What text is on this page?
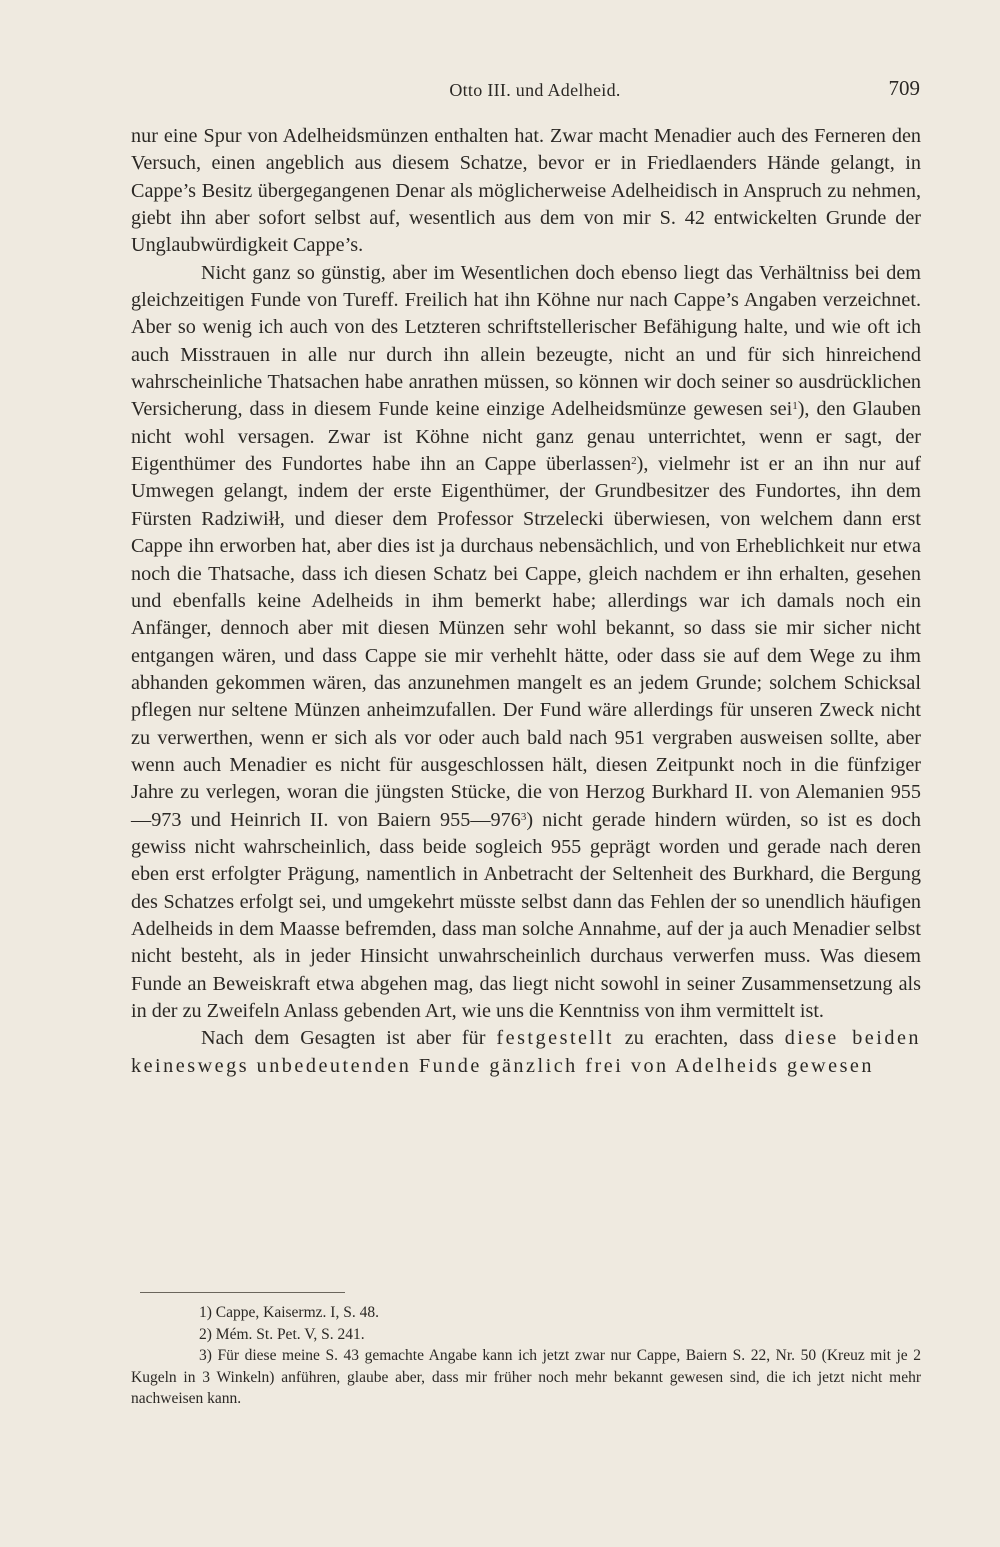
Otto III. und Adelheid.	709

nur eine Spur von Adelheidsmünzen enthalten hat. Zwar macht Menadier auch des Ferneren den Versuch, einen angeblich aus diesem Schatze, bevor er in Friedlaenders Hände gelangt, in Cappe’s Besitz übergegangenen Denar als möglicherweise Adelheidisch in Anspruch zu nehmen, giebt ihn aber sofort selbst auf, wesentlich aus dem von mir S. 42 entwickelten Grunde der Unglaubwürdigkeit Cappe’s.

Nicht ganz so günstig, aber im Wesentlichen doch ebenso liegt das Verhältniss bei dem gleichzeitigen Funde von Tureff. Freilich hat ihn Köhne nur nach Cappe’s Angaben verzeichnet. Aber so wenig ich auch von des Letzteren schriftstellerischer Befähigung halte, und wie oft ich auch Misstrauen in alle nur durch ihn allein bezeugte, nicht an und für sich hinreichend wahrscheinliche Thatsachen habe anrathen müssen, so können wir doch seiner so ausdrücklichen Versicherung, dass in diesem Funde keine einzige Adelheidsmünze gewesen sei$^1$), den Glauben nicht wohl versagen. Zwar ist Köhne nicht ganz genau unterrichtet, wenn er sagt, der Eigenthümer des Fundortes habe ihn an Cappe überlassen$^2$), vielmehr ist er an ihn nur auf Umwegen gelangt, indem der erste Eigenthümer, der Grundbesitzer des Fundortes, ihn dem Fürsten Radziwiłł, und dieser dem Professor Strzelecki überwiesen, von welchem dann erst Cappe ihn erworben hat, aber dies ist ja durchaus nebensächlich, und von Erheblichkeit nur etwa noch die Thatsache, dass ich diesen Schatz bei Cappe, gleich nachdem er ihn erhalten, gesehen und ebenfalls keine Adelheids in ihm bemerkt habe; allerdings war ich damals noch ein Anfänger, dennoch aber mit diesen Münzen sehr wohl bekannt, so dass sie mir sicher nicht entgangen wären, und dass Cappe sie mir verhehlt hätte, oder dass sie auf dem Wege zu ihm abhanden gekommen wären, das anzunehmen mangelt es an jedem Grunde; solchem Schicksal pflegen nur seltene Münzen anheimzufallen. Der Fund wäre allerdings für unseren Zweck nicht zu verwerthen, wenn er sich als vor oder auch bald nach 951 vergraben ausweisen sollte, aber wenn auch Menadier es nicht für ausgeschlossen hält, diesen Zeitpunkt noch in die fünfziger Jahre zu verlegen, woran die jüngsten Stücke, die von Herzog Burkhard II. von Alemanien 955 —973 und Heinrich II. von Baiern $955—976^3$) nicht gerade hindern würden, so ist es doch gewiss nicht wahrscheinlich, dass beide sogleich 955 geprägt worden und gerade nach deren eben erst erfolgter Prägung, namentlich in Anbetracht der Seltenheit des Burkhard, die Bergung des Schatzes erfolgt sei, und umgekehrt müsste selbst dann das Fehlen der so unendlich häufigen Adelheids in dem Maasse befremden, dass man solche Annahme, auf der ja auch Menadier selbst nicht besteht, als in jeder Hinsicht unwahrscheinlich durchaus verwerfen muss. Was diesem Funde an Beweiskraft etwa abgehen mag, das liegt nicht sowohl in seiner Zusammensetzung als in der zu Zweifeln Anlass gebenden Art, wie uns die Kenntniss von ihm vermittelt ist.

Nach dem Gesagten ist aber für festgestellt zu erachten, dass diese beiden keineswegs unbedeutenden Funde gänzlich frei von Adelheids gewesen

1) Cappe, Kaisermz. I, S. 48.
2) Mém. St. Pet. V, S. 241.
3) Für diese meine S. 43 gemachte Angabe kann ich jetzt zwar nur Cappe, Baiern S. 22, Nr. 50 (Kreuz mit je 2 Kugeln in 3 Winkeln) anführen, glaube aber, dass mir früher noch mehr bekannt gewesen sind, die ich jetzt nicht mehr nachweisen kann.
